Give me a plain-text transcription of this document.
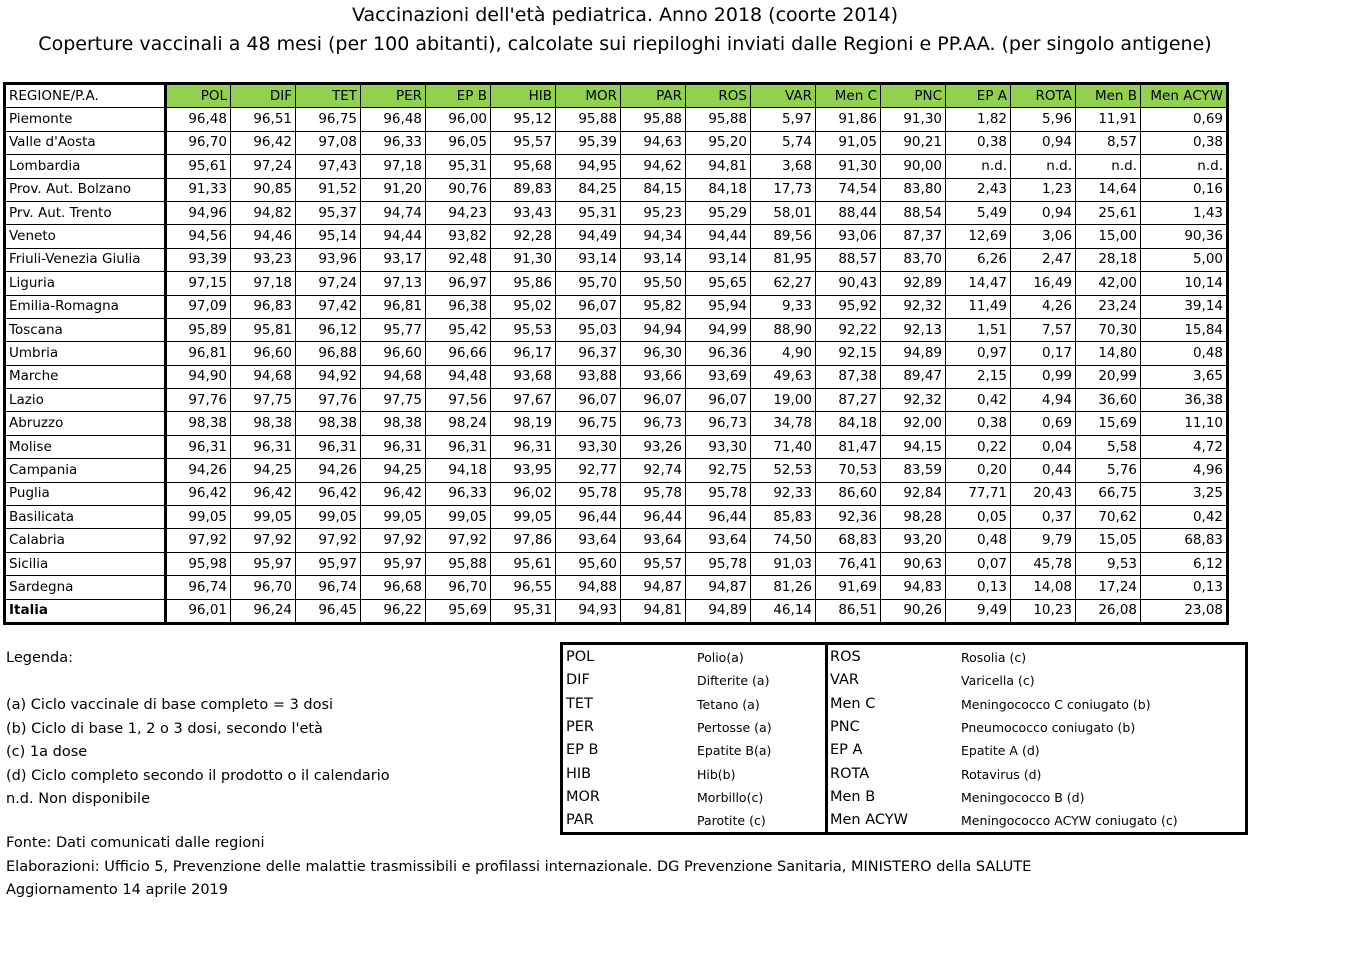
Vaccinazioni dell'età pediatrica. Anno 2018 (coorte 2014)
Coperture vaccinali a 48 mesi (per 100 abitanti), calcolate sui riepiloghi inviati dalle Regioni e PP.AA. (per singolo antigene)
REGIONE/P.A.	POL	DIF	TET	PER	EP B	HIB	MOR	PAR	ROS	VAR	Men C	PNC	EP A	ROTA	Men B	Men ACYW
Piemonte	96,48	96,51	96,75	96,48	96,00	95,12	95,88	95,88	95,88	5,97	91,86	91,30	1,82	5,96	11,91	0,69
Valle d'Aosta	96,70	96,42	97,08	96,33	96,05	95,57	95,39	94,63	95,20	5,74	91,05	90,21	0,38	0,94	8,57	0,38
Lombardia	95,61	97,24	97,43	97,18	95,31	95,68	94,95	94,62	94,81	3,68	91,30	90,00	n.d.	n.d.	n.d.	n.d.
Prov. Aut. Bolzano	91,33	90,85	91,52	91,20	90,76	89,83	84,25	84,15	84,18	17,73	74,54	83,80	2,43	1,23	14,64	0,16
Prv. Aut. Trento	94,96	94,82	95,37	94,74	94,23	93,43	95,31	95,23	95,29	58,01	88,44	88,54	5,49	0,94	25,61	1,43
Veneto	94,56	94,46	95,14	94,44	93,82	92,28	94,49	94,34	94,44	89,56	93,06	87,37	12,69	3,06	15,00	90,36
Friuli-Venezia Giulia	93,39	93,23	93,96	93,17	92,48	91,30	93,14	93,14	93,14	81,95	88,57	83,70	6,26	2,47	28,18	5,00
Liguria	97,15	97,18	97,24	97,13	96,97	95,86	95,70	95,50	95,65	62,27	90,43	92,89	14,47	16,49	42,00	10,14
Emilia-Romagna	97,09	96,83	97,42	96,81	96,38	95,02	96,07	95,82	95,94	9,33	95,92	92,32	11,49	4,26	23,24	39,14
Toscana	95,89	95,81	96,12	95,77	95,42	95,53	95,03	94,94	94,99	88,90	92,22	92,13	1,51	7,57	70,30	15,84
Umbria	96,81	96,60	96,88	96,60	96,66	96,17	96,37	96,30	96,36	4,90	92,15	94,89	0,97	0,17	14,80	0,48
Marche	94,90	94,68	94,92	94,68	94,48	93,68	93,88	93,66	93,69	49,63	87,38	89,47	2,15	0,99	20,99	3,65
Lazio	97,76	97,75	97,76	97,75	97,56	97,67	96,07	96,07	96,07	19,00	87,27	92,32	0,42	4,94	36,60	36,38
Abruzzo	98,38	98,38	98,38	98,38	98,24	98,19	96,75	96,73	96,73	34,78	84,18	92,00	0,38	0,69	15,69	11,10
Molise	96,31	96,31	96,31	96,31	96,31	96,31	93,30	93,26	93,30	71,40	81,47	94,15	0,22	0,04	5,58	4,72
Campania	94,26	94,25	94,26	94,25	94,18	93,95	92,77	92,74	92,75	52,53	70,53	83,59	0,20	0,44	5,76	4,96
Puglia	96,42	96,42	96,42	96,42	96,33	96,02	95,78	95,78	95,78	92,33	86,60	92,84	77,71	20,43	66,75	3,25
Basilicata	99,05	99,05	99,05	99,05	99,05	99,05	96,44	96,44	96,44	85,83	92,36	98,28	0,05	0,37	70,62	0,42
Calabria	97,92	97,92	97,92	97,92	97,92	97,86	93,64	93,64	93,64	74,50	68,83	93,20	0,48	9,79	15,05	68,83
Sicilia	95,98	95,97	95,97	95,97	95,88	95,61	95,60	95,57	95,78	91,03	76,41	90,63	0,07	45,78	9,53	6,12
Sardegna	96,74	96,70	96,74	96,68	96,70	96,55	94,88	94,87	94,87	81,26	91,69	94,83	0,13	14,08	17,24	0,13
Italia	96,01	96,24	96,45	96,22	95,69	95,31	94,93	94,81	94,89	46,14	86,51	90,26	9,49	10,23	26,08	23,08
Legenda:
(a) Ciclo vaccinale di base completo = 3 dosi
(b) Ciclo di base 1, 2 o 3 dosi, secondo l'età
(c) 1a dose
(d) Ciclo completo secondo il prodotto o il calendario
n.d. Non disponibile
POL	Polio(a)
DIF	Difterite (a)
TET	Tetano (a)
PER	Pertosse (a)
EP B	Epatite B(a)
HIB	Hib(b)
MOR	Morbillo(c)
PAR	Parotite (c)
ROS	Rosolia (c)
VAR	Varicella (c)
Men C	Meningococco C coniugato (b)
PNC	Pneumococco coniugato (b)
EP A	Epatite A (d)
ROTA	Rotavirus (d)
Men B	Meningococco B (d)
Men ACYW	Meningococco ACYW coniugato (c)
Fonte: Dati comunicati dalle regioni
Elaborazioni: Ufficio 5, Prevenzione delle malattie trasmissibili e profilassi internazionale. DG Prevenzione Sanitaria, MINISTERO della SALUTE
Aggiornamento 14 aprile 2019
